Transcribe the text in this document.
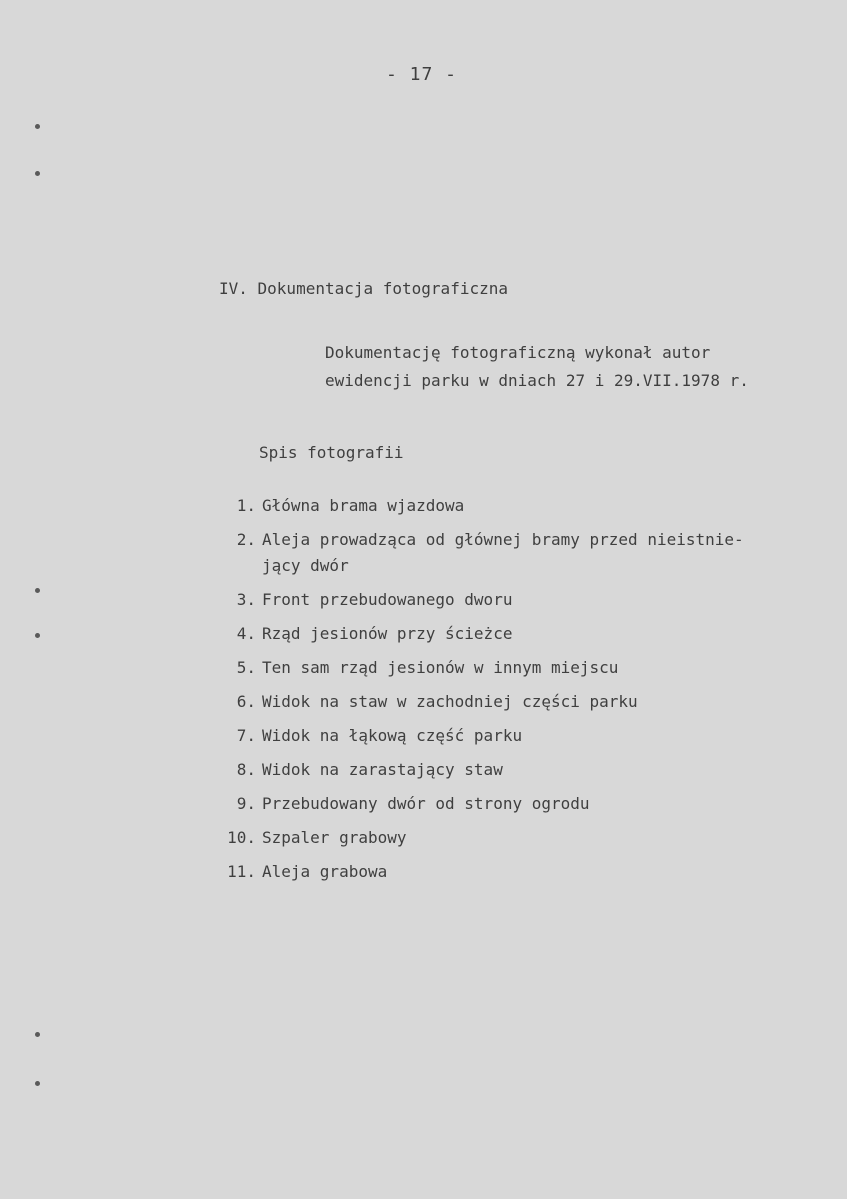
- 17 -
IV. Dokumentacja fotograficzna
Dokumentację fotograficzną wykonał autor
ewidencji parku w dniach 27 i 29.VII.1978 r.
Spis fotografii
1. Główna brama wjazdowa
2. Aleja prowadząca od głównej bramy przed nieistnie-
jący dwór
3. Front przebudowanego dworu
4. Rząd jesionów przy ścieżce
5. Ten sam rząd jesionów w innym miejscu
6. Widok na staw w zachodniej części parku
7. Widok na łąkową część parku
8. Widok na zarastający staw
9. Przebudowany dwór od strony ogrodu
10. Szpaler grabowy
11. Aleja grabowa
